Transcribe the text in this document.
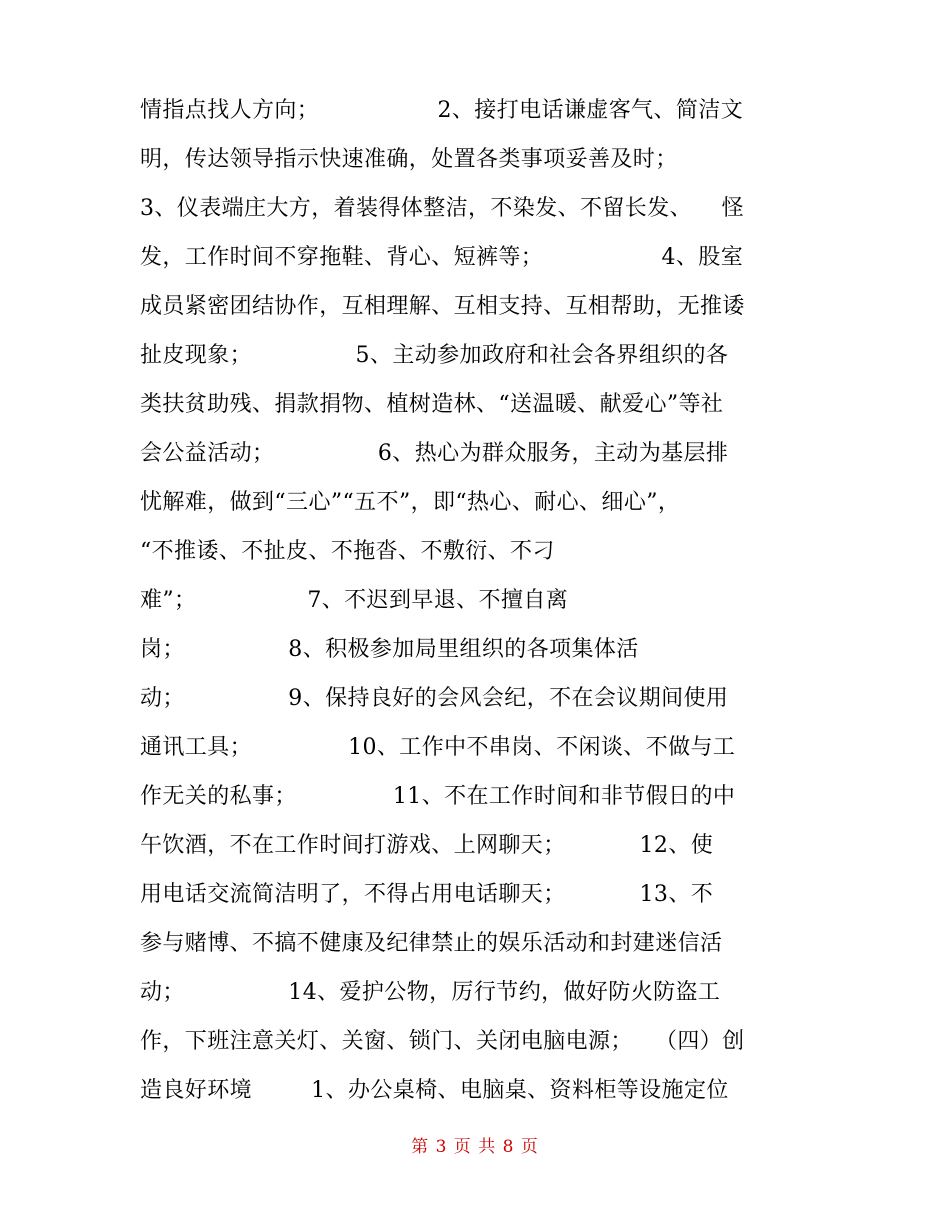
情指点找人方向；                2、接打电话谦虚客气、简洁文
明，传达领导指示快速准确，处置各类事项妥善及时；
3、仪表端庄大方，着装得体整洁，不染发、不留长发、    怪
发，工作时间不穿拖鞋、背心、短裤等；                4、股室
成员紧密团结协作，互相理解、互相支持、互相帮助，无推诿
扯皮现象；              5、主动参加政府和社会各界组织的各
类扶贫助残、捐款捐物、植树造林、“送温暖、献爱心”等社
会公益活动；              6、热心为群众服务，主动为基层排
忧解难，做到“三心”“五不”，即“热心、耐心、细心”，
“不推诿、不扯皮、不拖沓、不敷衍、不刁
难”；               7、不迟到早退、不擅自离
岗；              8、积极参加局里组织的各项集体活
动；              9、保持良好的会风会纪，不在会议期间使用
通讯工具；             10、工作中不串岗、不闲谈、不做与工
作无关的私事；             11、不在工作时间和非节假日的中
午饮酒，不在工作时间打游戏、上网聊天；          12、使
用电话交流简洁明了，不得占用电话聊天；          13、不
参与赌博、不搞不健康及纪律禁止的娱乐活动和封建迷信活
动；              14、爱护公物，厉行节约，做好防火防盗工
作，下班注意关灯、关窗、锁门、关闭电脑电源；   （四）创
造良好环境        1、办公桌椅、电脑桌、资料柜等设施定位
第 3 页 共 8 页
